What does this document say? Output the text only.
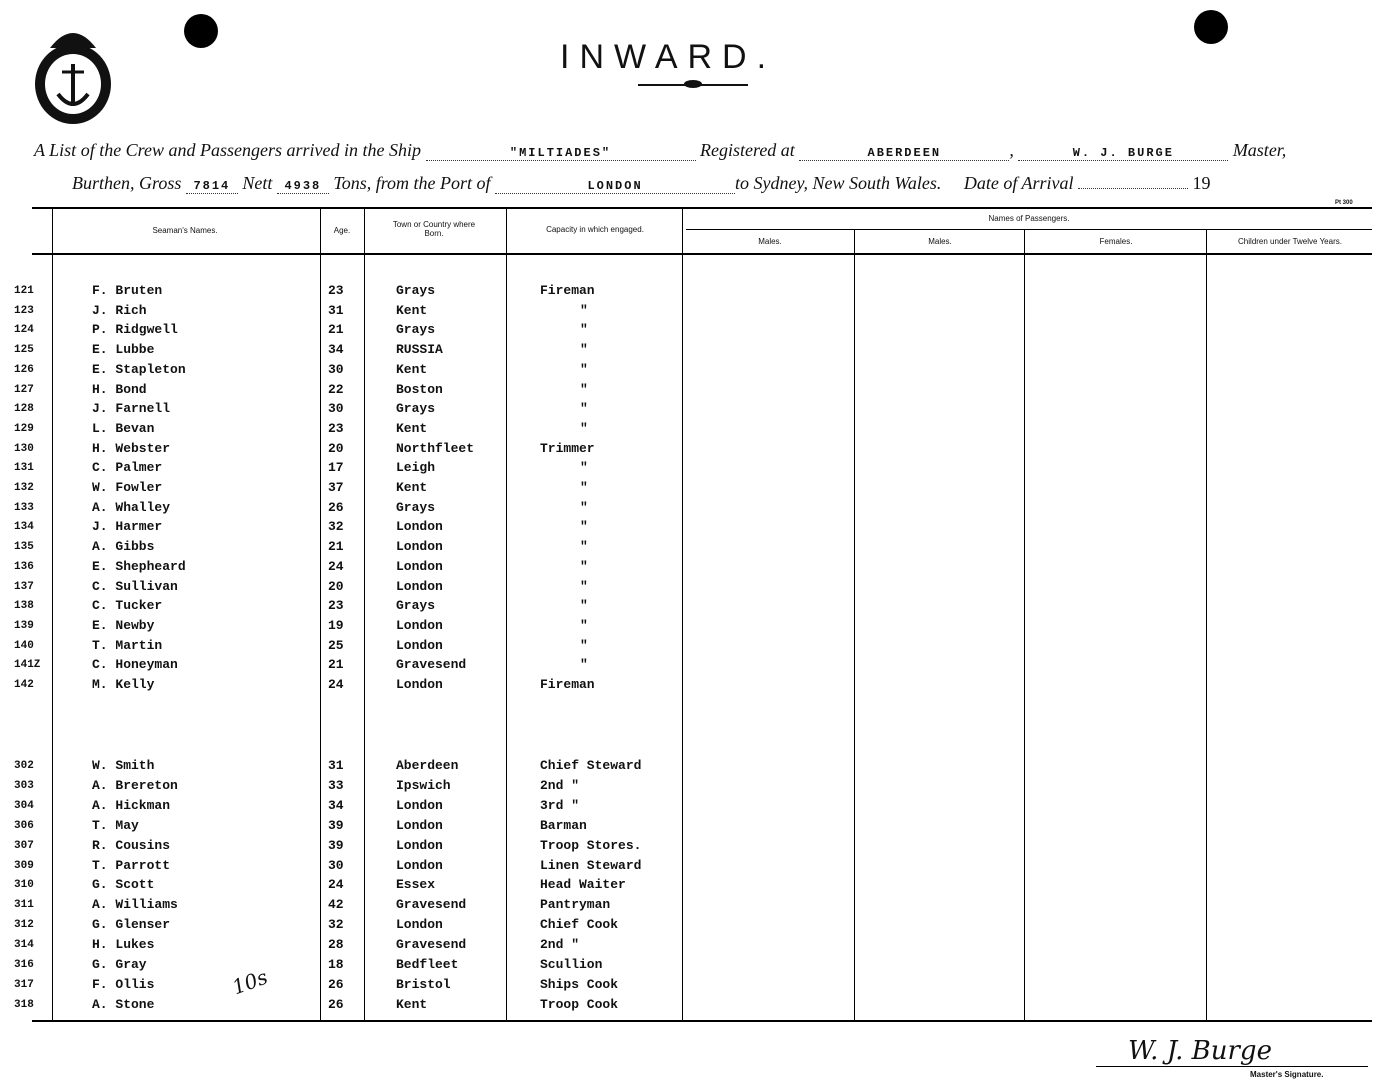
INWARD.
A List of the Crew and Passengers arrived in the Ship	"MILTIADES"	Registered at	ABERDEEN	,	W. J. BURGE	Master,
Burthen, Gross 7814 Nett 4938 Tons, from the Port of	LONDON	to Sydney, New South Wales. Date of Arrival	19
Pt 300
Seaman's Names.	Age.
Town or Country where Born.	Capacity in which engaged.
Names of Passengers.
Males.	Males.	Females.	Children under Twelve Years.
121	F. Bruten	23	Grays	Fireman
123	J. Rich	31	Kent	"
124	P. Ridgwell	21	Grays	"
125	E. Lubbe	34	RUSSIA	"
126	E. Stapleton	30	Kent	"
127	H. Bond	22	Boston	"
128	J. Farnell	30	Grays	"
129	L. Bevan	23	Kent	"
130	H. Webster	20	Northfleet	Trimmer
131	C. Palmer	17	Leigh	"
132	W. Fowler	37	Kent	"
133	A. Whalley	26	Grays	"
134	J. Harmer	32	London	"
135	A. Gibbs	21	London	"
136	E. Shepheard	24	London	"
137	C. Sullivan	20	London	"
138	C. Tucker	23	Grays	"
139	E. Newby	19	London	"
140	T. Martin	25	London	"
141Z	C. Honeyman	21	Gravesend	"
142	M. Kelly	24	London	Fireman
302	W. Smith	31	Aberdeen	Chief Steward
303	A. Brereton	33	Ipswich	2nd "
304	A. Hickman	34	London	3rd "
306	T. May	39	London	Barman
307	R. Cousins	39	London	Troop Stores.
309	T. Parrott	30	London	Linen Steward
310	G. Scott	24	Essex	Head Waiter
311	A. Williams	42	Gravesend	Pantryman
312	G. Glenser	32	London	Chief Cook
314	H. Lukes	28	Gravesend	2nd "
316	G. Gray	18	Bedfleet	Scullion
317	F. Ollis	26	Bristol	Ships Cook
318	A. Stone	26	Kent	Troop Cook
10s
W. J. Burge
Master's Signature.
